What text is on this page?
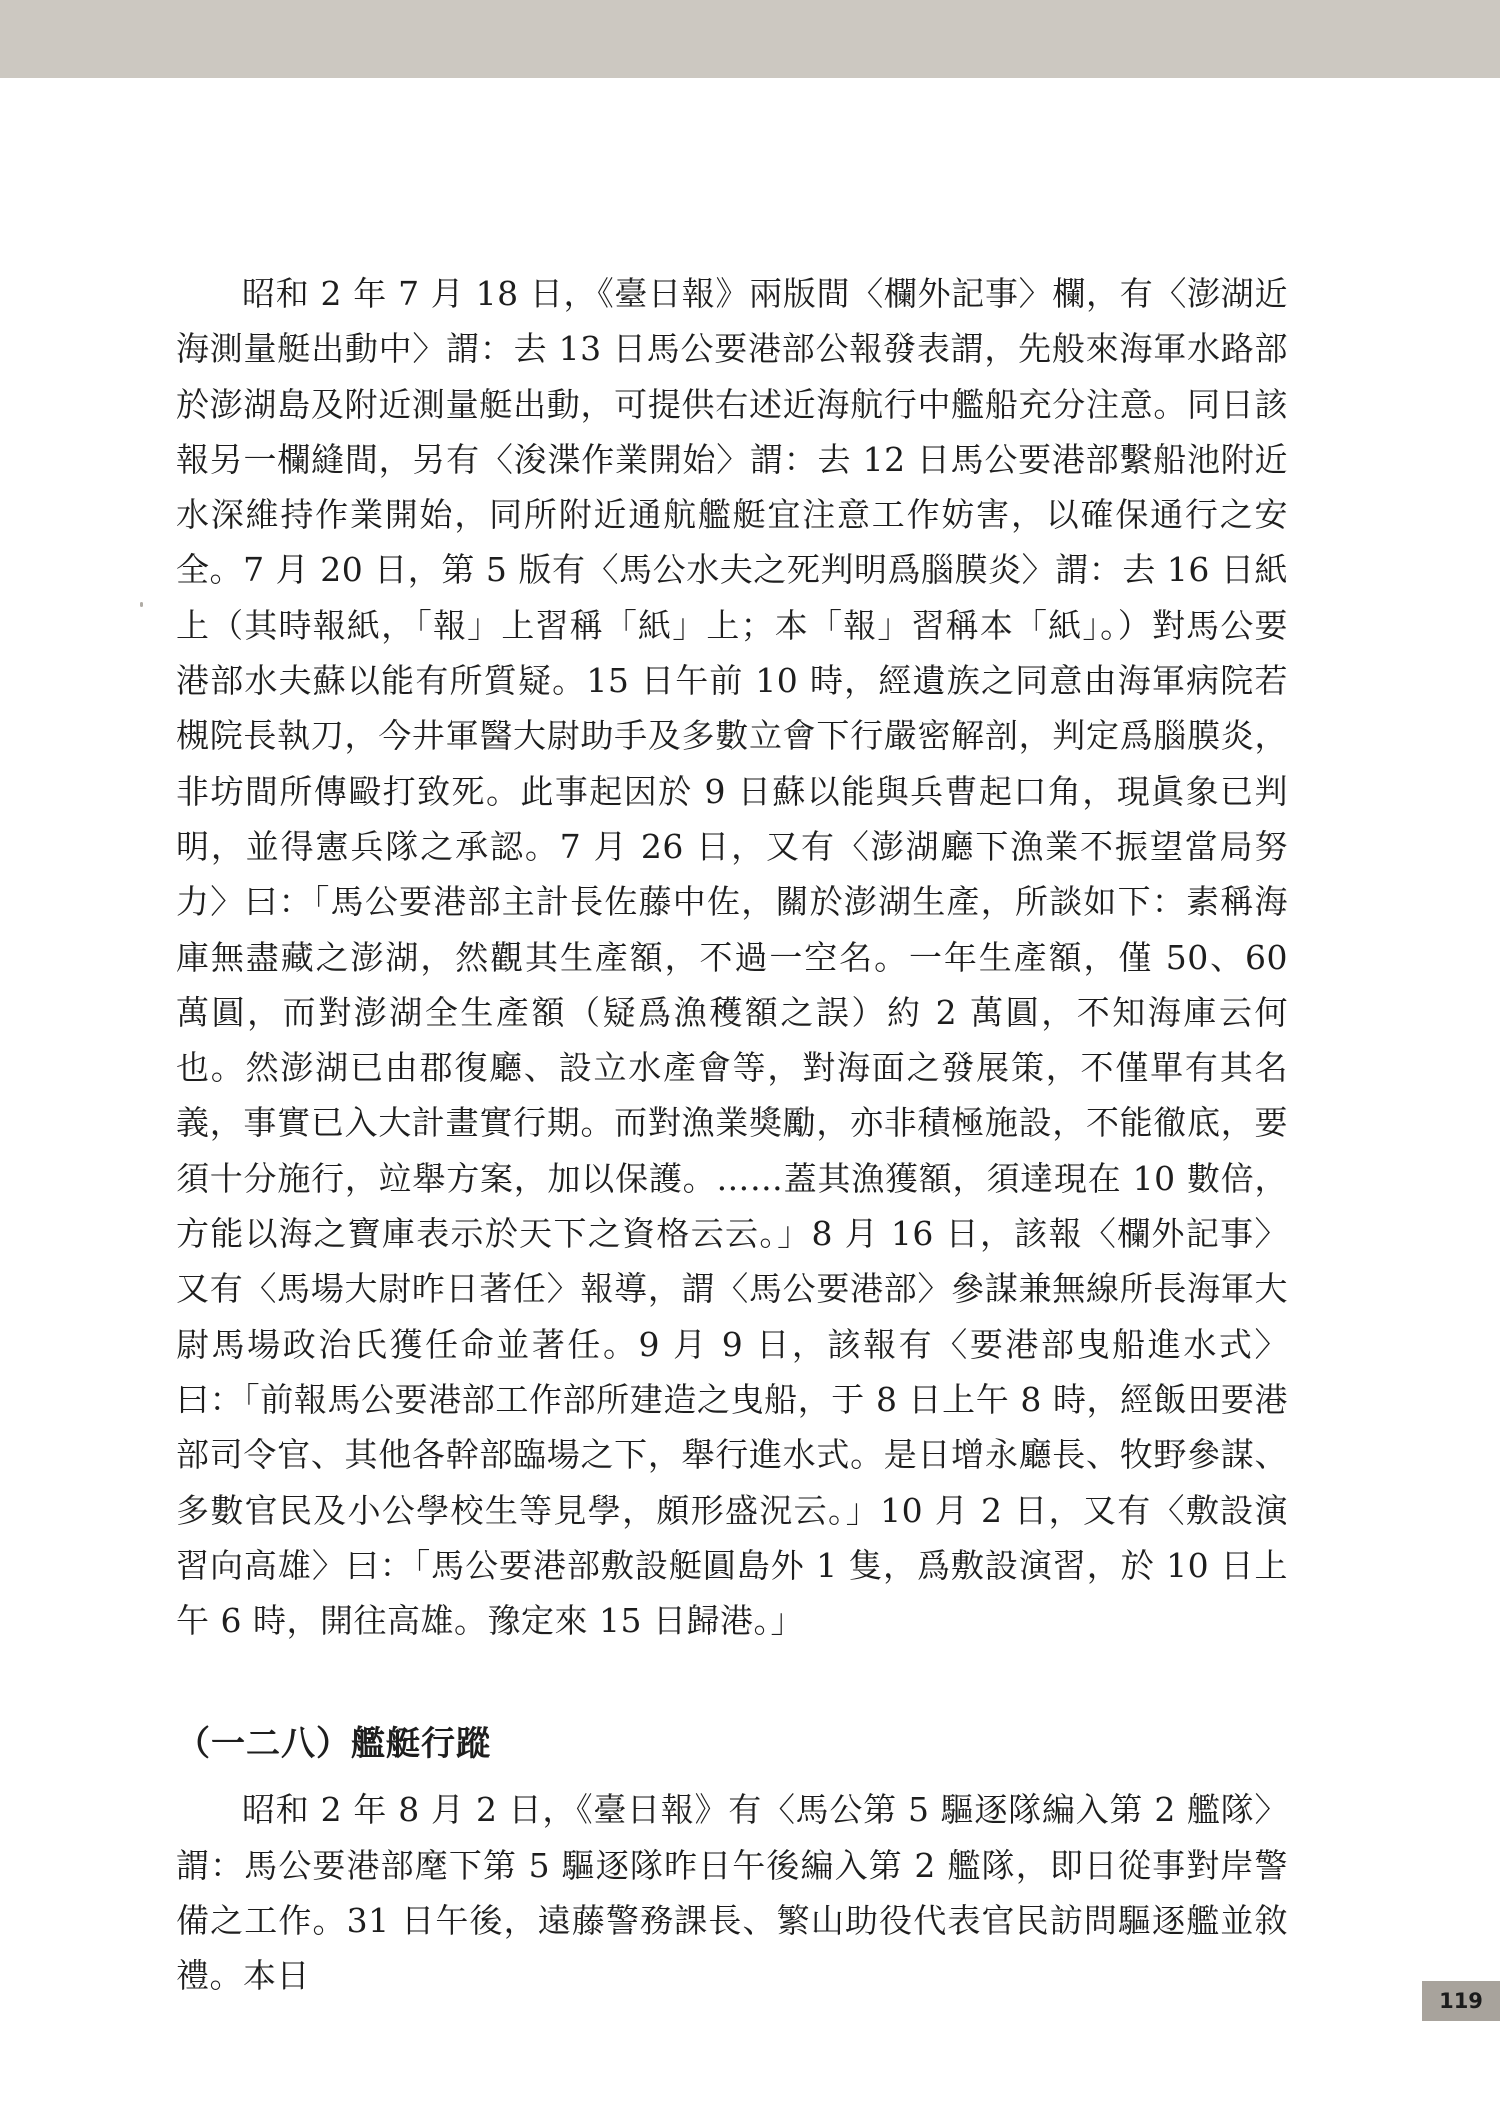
昭和 2 年 7 月 18 日，《臺日報》兩版間〈欄外記事〉欄，有〈澎湖近海測量艇出動中〉謂：去 13 日馬公要港部公報發表謂，先般來海軍水路部於澎湖島及附近測量艇出動，可提供右述近海航行中艦船充分注意。同日該報另一欄縫間，另有〈浚渫作業開始〉謂：去 12 日馬公要港部繫船池附近水深維持作業開始，同所附近通航艦艇宜注意工作妨害，以確保通行之安全。7 月 20 日，第 5 版有〈馬公水夫之死判明爲腦膜炎〉謂：去 16 日紙上（其時報紙，「報」上習稱「紙」上；本「報」習稱本「紙」。）對馬公要港部水夫蘇以能有所質疑。15 日午前 10 時，經遺族之同意由海軍病院若槻院長執刀，今井軍醫大尉助手及多數立會下行嚴密解剖，判定爲腦膜炎，非坊間所傳毆打致死。此事起因於 9 日蘇以能與兵曹起口角，現眞象已判明，並得憲兵隊之承認。7 月 26 日，又有〈澎湖廳下漁業不振望當局努力〉曰：「馬公要港部主計長佐藤中佐，關於澎湖生產，所談如下：素稱海庫無盡藏之澎湖，然觀其生產額，不過一空名。一年生產額，僅 50、60 萬圓，而對澎湖全生產額（疑爲漁穫額之誤）約 2 萬圓，不知海庫云何也。然澎湖已由郡復廳、設立水產會等，對海面之發展策，不僅單有其名義，事實已入大計畫實行期。而對漁業獎勵，亦非積極施設，不能徹底，要須十分施行，竝舉方案，加以保護。……蓋其漁獲額，須達現在 10 數倍，方能以海之寶庫表示於天下之資格云云。」8 月 16 日，該報〈欄外記事〉又有〈馬場大尉昨日著任〉報導，謂〈馬公要港部〉參謀兼無線所長海軍大尉馬場政治氏獲任命並著任。9 月 9 日，該報有〈要港部曳船進水式〉曰：「前報馬公要港部工作部所建造之曳船，于 8 日上午 8 時，經飯田要港部司令官、其他各幹部臨場之下，舉行進水式。是日增永廳長、牧野參謀、多數官民及小公學校生等見學，頗形盛況云。」10 月 2 日，又有〈敷設演習向高雄〉曰：「馬公要港部敷設艇圓島外 1 隻，爲敷設演習，於 10 日上午 6 時，開往高雄。豫定來 15 日歸港。」

（一二八）艦艇行蹤

昭和 2 年 8 月 2 日，《臺日報》有〈馬公第 5 驅逐隊編入第 2 艦隊〉謂：馬公要港部麾下第 5 驅逐隊昨日午後編入第 2 艦隊，即日從事對岸警備之工作。31 日午後，遠藤警務課長、繁山助役代表官民訪問驅逐艦並敘禮。本日

119
